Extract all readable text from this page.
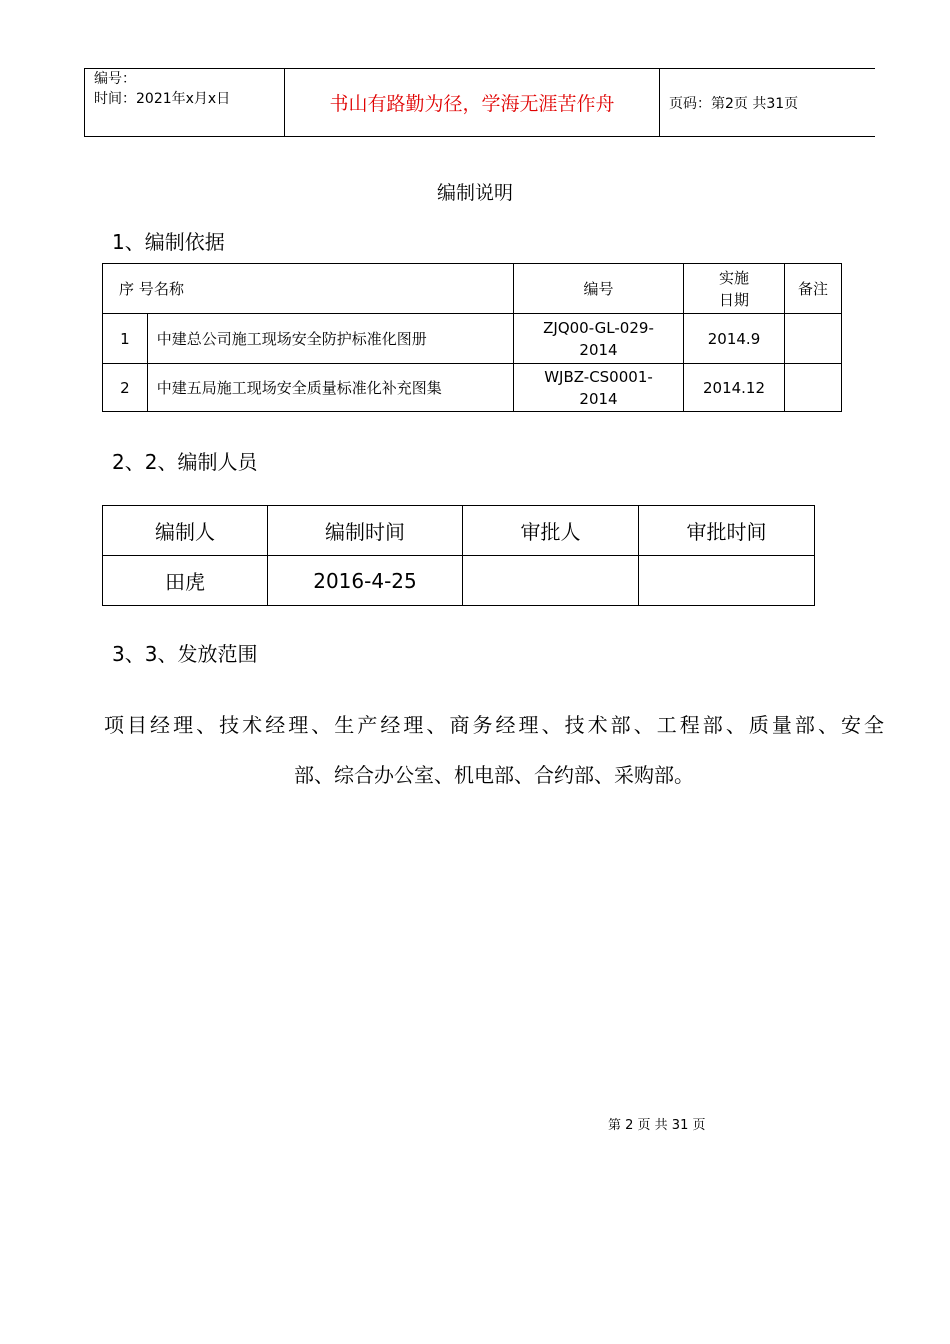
编号：
时间：2021年x月x日	书山有路勤为径，学海无涯苦作舟	页码：第2页 共31页
编制说明
1、编制依据
序 号名称		编号	实施
日期	备注
1	中建总公司施工现场安全防护标准化图册	ZJQ00-GL-029-
2014	2014.9	
2	中建五局施工现场安全质量标准化补充图集	WJBZ-CS0001-
2014	2014.12	
2、2、编制人员
编制人	编制时间	审批人	审批时间
田虎	2016-4-25		
3、3、发放范围
项目经理、技术经理、生产经理、商务经理、技术部、工程部、质量部、安全
部、综合办公室、机电部、合约部、采购部。
第 2 页 共 31 页
